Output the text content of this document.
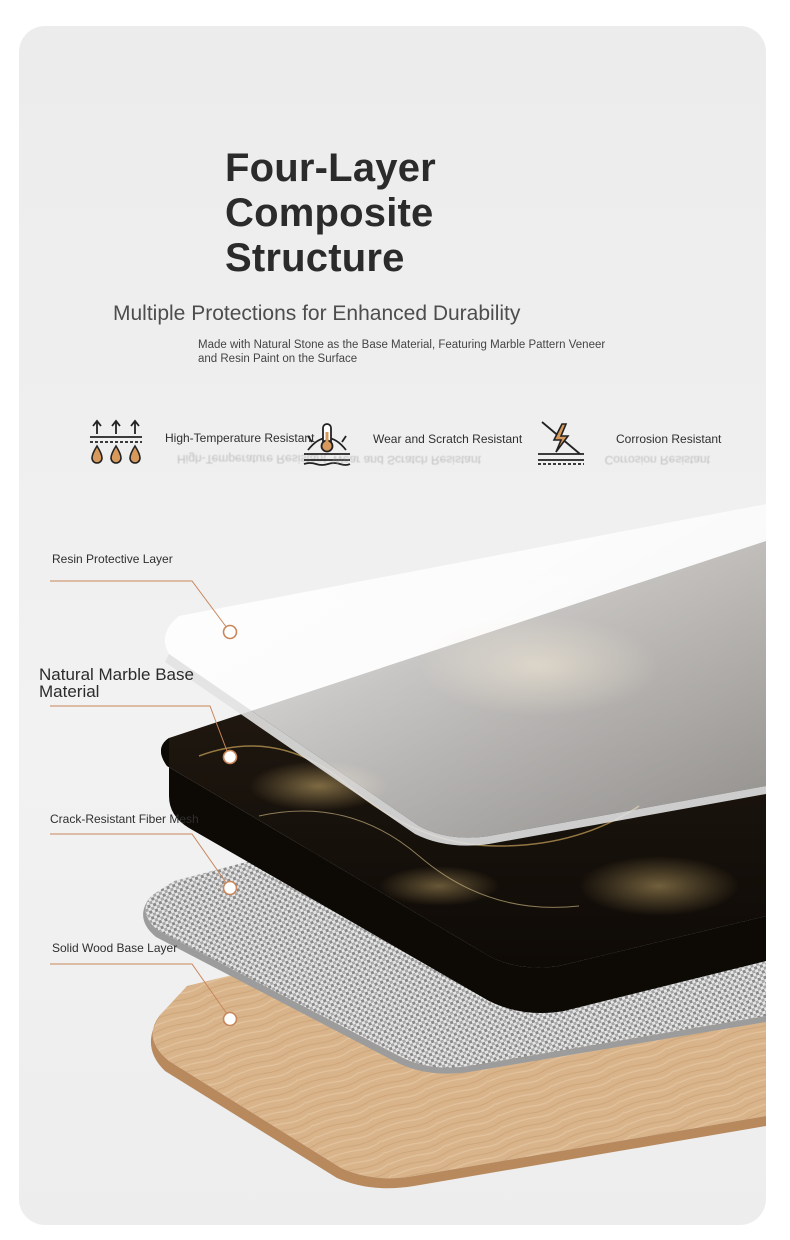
Four-Layer
Composite
Structure

Multiple Protections for Enhanced Durability

Made with Natural Stone as the Base Material, Featuring Marble Pattern Veneer and Resin Paint on the Surface

High-Temperature Resistant
High-Temperature Resistant
Wear and Scratch Resistant
Wear and Scratch Resistant
Corrosion Resistant
Corrosion Resistant
Resin Protective Layer
Natural Marble Base Material
Crack-Resistant Fiber Mesh
Solid Wood Base Layer
